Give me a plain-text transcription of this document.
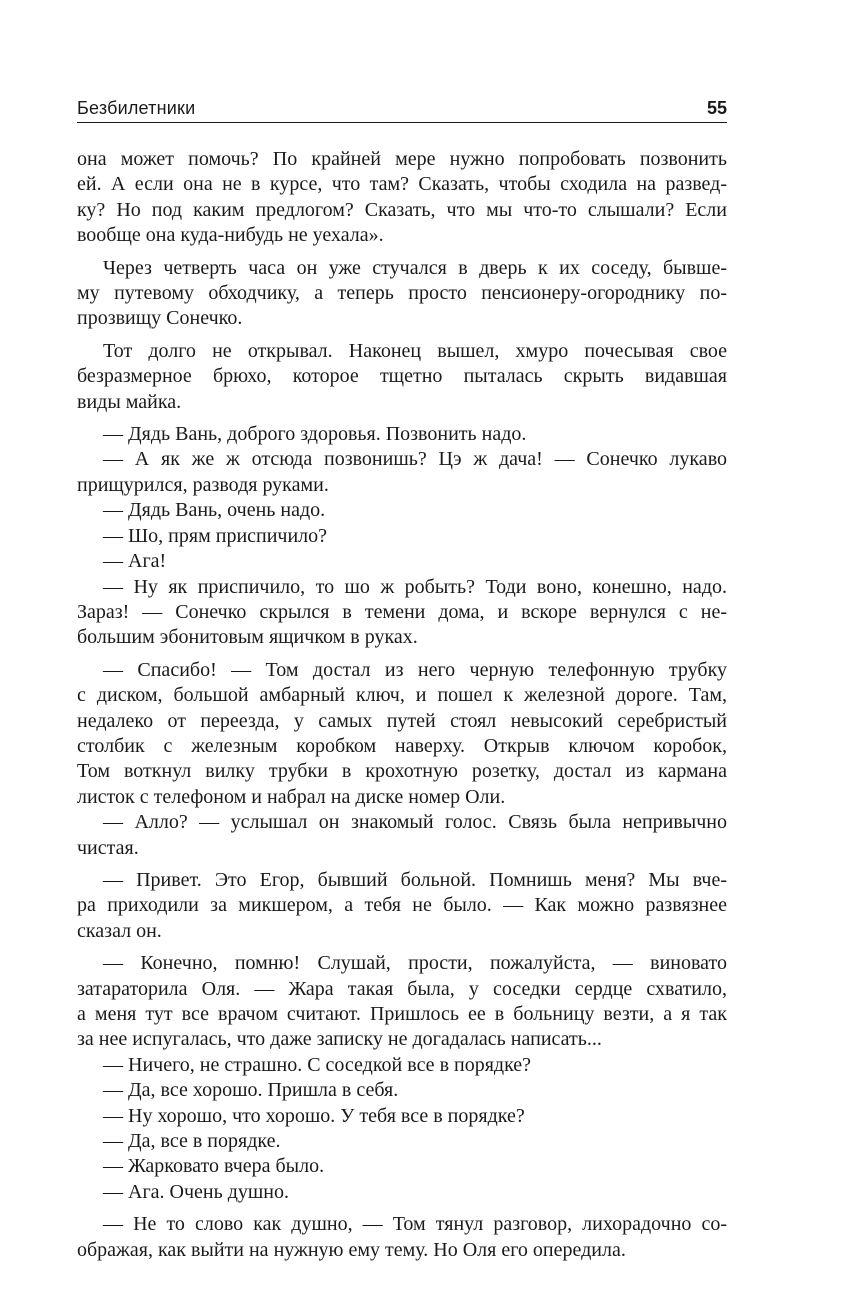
Безбилетники	55
она может помочь? По крайней мере нужно попробовать позвонить
ей. А если она не в курсе, что там? Сказать, чтобы сходила на развед-
ку? Но под каким предлогом? Сказать, что мы что-то слышали? Если
вообще она куда-нибудь не уехала».
Через четверть часа он уже стучался в дверь к их соседу, бывше-
му путевому обходчику, а теперь просто пенсионеру-огороднику по-
прозвищу Сонечко.
Тот долго не открывал. Наконец вышел, хмуро почесывая свое
безразмерное брюхо, которое тщетно пыталась скрыть видавшая
виды майка.
— Дядь Вань, доброго здоровья. Позвонить надо.
— А як же ж отсюда позвонишь? Цэ ж дача! — Сонечко лукаво
прищурился, разводя руками.
— Дядь Вань, очень надо.
— Шо, прям приспичило?
— Ага!
— Ну як приспичило, то шо ж робыть? Тоди воно, конешно, надо.
Зараз! — Сонечко скрылся в темени дома, и вскоре вернулся с не-
большим эбонитовым ящичком в руках.
— Спасибо! — Том достал из него черную телефонную трубку
с диском, большой амбарный ключ, и пошел к железной дороге. Там,
недалеко от переезда, у самых путей стоял невысокий серебристый
столбик с железным коробком наверху. Открыв ключом коробок,
Том воткнул вилку трубки в крохотную розетку, достал из кармана
листок с телефоном и набрал на диске номер Оли.
— Алло? — услышал он знакомый голос. Связь была непривычно
чистая.
— Привет. Это Егор, бывший больной. Помнишь меня? Мы вче-
ра приходили за микшером, а тебя не было. — Как можно развязнее
сказал он.
— Конечно, помню! Слушай, прости, пожалуйста, — виновато
затараторила Оля. — Жара такая была, у соседки сердце схватило,
а меня тут все врачом считают. Пришлось ее в больницу везти, а я так
за нее испугалась, что даже записку не догадалась написать...
— Ничего, не страшно. С соседкой все в порядке?
— Да, все хорошо. Пришла в себя.
— Ну хорошо, что хорошо. У тебя все в порядке?
— Да, все в порядке.
— Жарковато вчера было.
— Ага. Очень душно.
— Не то слово как душно, — Том тянул разговор, лихорадочно со-
ображая, как выйти на нужную ему тему. Но Оля его опередила.
